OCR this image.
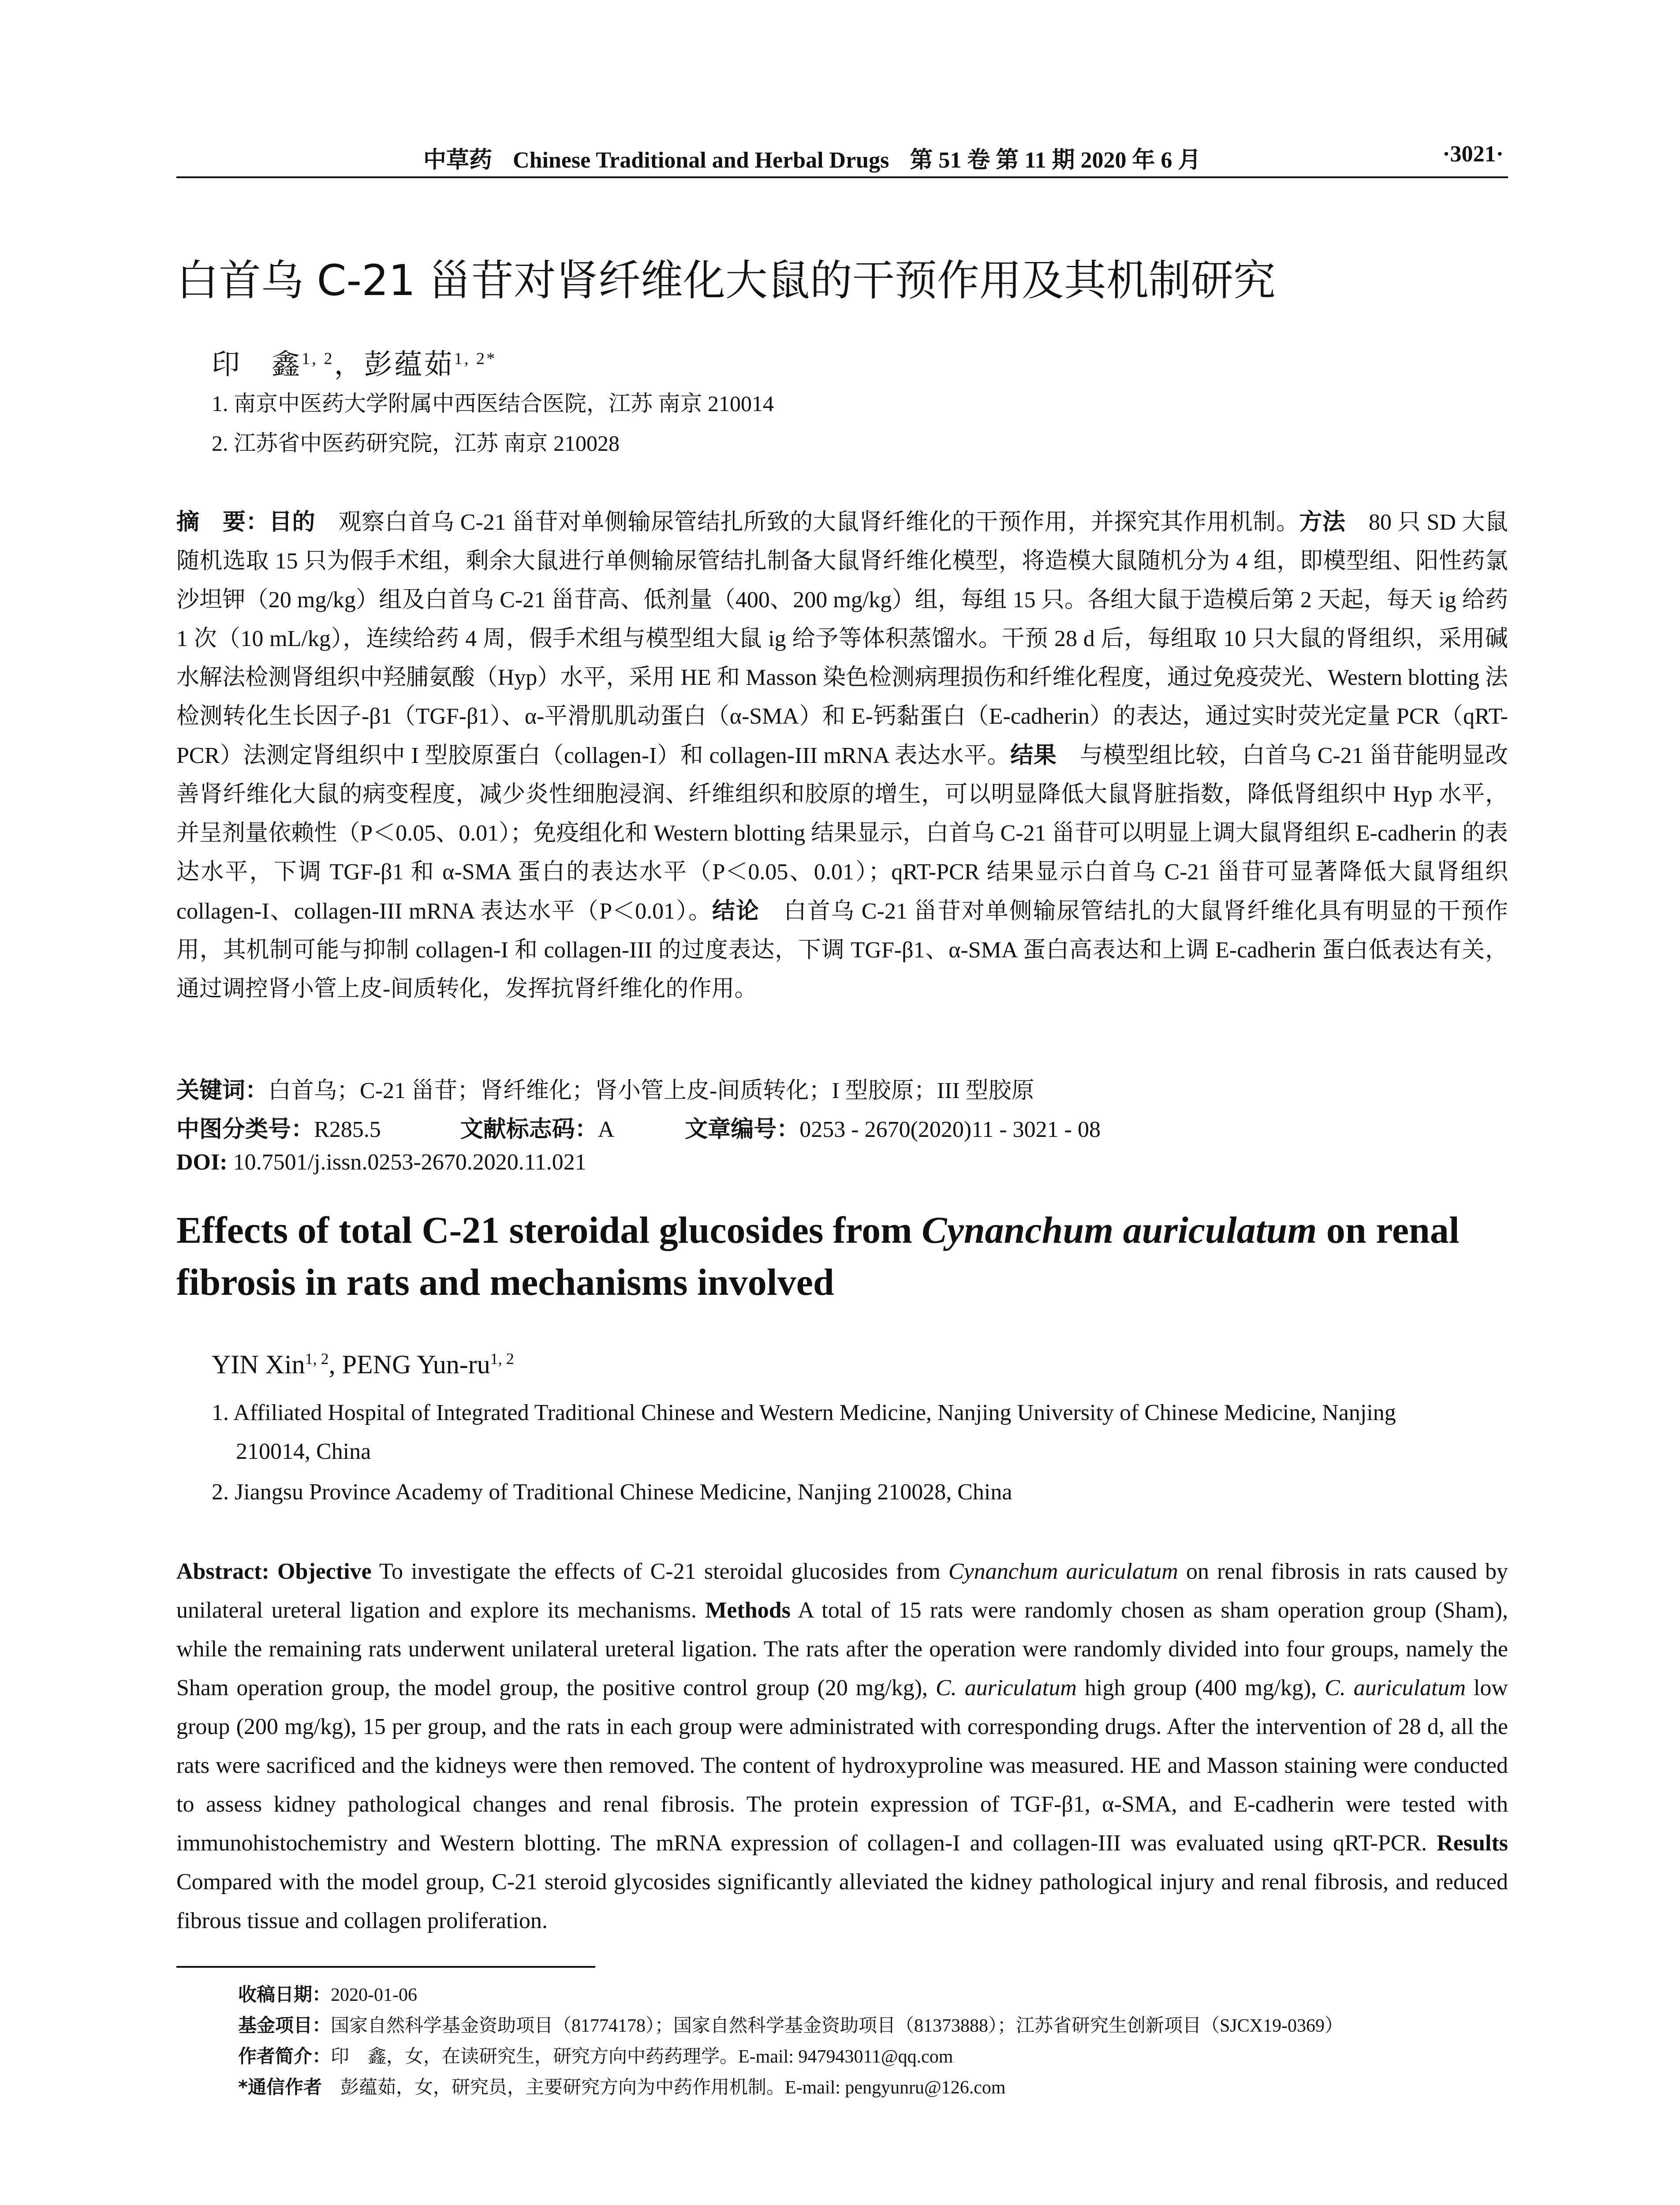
中草药 Chinese Traditional and Herbal Drugs 第 51 卷 第 11 期 2020 年 6 月	·3021·
白首乌 C-21 甾苷对肾纤维化大鼠的干预作用及其机制研究
印　鑫$^{1, 2}$，彭蕴茹$^{1, 2*}$
1. 南京中医药大学附属中西医结合医院，江苏 南京 210014
2. 江苏省中医药研究院，江苏 南京 210028

摘　要：目的　观察白首乌 C-21 甾苷对单侧输尿管结扎所致的大鼠肾纤维化的干预作用，并探究其作用机制。方法　80 只 SD 大鼠随机选取 15 只为假手术组，剩余大鼠进行单侧输尿管结扎制备大鼠肾纤维化模型，将造模大鼠随机分为 4 组，即模型组、阳性药氯沙坦钾（20 mg/kg）组及白首乌 C-21 甾苷高、低剂量（400、200 mg/kg）组，每组 15 只。各组大鼠于造模后第 2 天起，每天 ig 给药 1 次（10 mL/kg），连续给药 4 周，假手术组与模型组大鼠 ig 给予等体积蒸馏水。干预 28 d 后，每组取 10 只大鼠的肾组织，采用碱水解法检测肾组织中羟脯氨酸（Hyp）水平，采用 HE 和 Masson 染色检测病理损伤和纤维化程度，通过免疫荧光、Western blotting 法检测转化生长因子-β1（TGF-β1）、α-平滑肌肌动蛋白（α-SMA）和 E-钙黏蛋白（E-cadherin）的表达，通过实时荧光定量 PCR（qRT-PCR）法测定肾组织中 I 型胶原蛋白（collagen-I）和 collagen-III mRNA 表达水平。结果　与模型组比较，白首乌 C-21 甾苷能明显改善肾纤维化大鼠的病变程度，减少炎性细胞浸润、纤维组织和胶原的增生，可以明显降低大鼠肾脏指数，降低肾组织中 Hyp 水平，并呈剂量依赖性（P＜0.05、0.01）；免疫组化和 Western blotting 结果显示，白首乌 C-21 甾苷可以明显上调大鼠肾组织 E-cadherin 的表达水平，下调 TGF-β1 和 α-SMA 蛋白的表达水平（P＜0.05、0.01）；qRT-PCR 结果显示白首乌 C-21 甾苷可显著降低大鼠肾组织 collagen-I、collagen-III mRNA 表达水平（P＜0.01）。结论　白首乌 C-21 甾苷对单侧输尿管结扎的大鼠肾纤维化具有明显的干预作用，其机制可能与抑制 collagen-I 和 collagen-III 的过度表达，下调 TGF-β1、α-SMA 蛋白高表达和上调 E-cadherin 蛋白低表达有关，通过调控肾小管上皮-间质转化，发挥抗肾纤维化的作用。

关键词：白首乌；C-21 甾苷；肾纤维化；肾小管上皮-间质转化；I 型胶原；III 型胶原
中图分类号：R285.5	文献标志码：A	文章编号：0253 - 2670(2020)11 - 3021 - 08
DOI: 10.7501/j.issn.0253-2670.2020.11.021

Effects of total C-21 steroidal glucosides from Cynanchum auriculatum on renal fibrosis in rats and mechanisms involved

YIN Xin$^{1, 2}$, PENG Yun-ru$^{1, 2}$

1. Affiliated Hospital of Integrated Traditional Chinese and Western Medicine, Nanjing University of Chinese Medicine, Nanjing
210014, China

2. Jiangsu Province Academy of Traditional Chinese Medicine, Nanjing 210028, China

Abstract: Objective To investigate the effects of C-21 steroidal glucosides from Cynanchum auriculatum on renal fibrosis in rats caused by unilateral ureteral ligation and explore its mechanisms. Methods A total of 15 rats were randomly chosen as sham operation group (Sham), while the remaining rats underwent unilateral ureteral ligation. The rats after the operation were randomly divided into four groups, namely the Sham operation group, the model group, the positive control group (20 mg/kg), C. auriculatum high group (400 mg/kg), C. auriculatum low group (200 mg/kg), 15 per group, and the rats in each group were administrated with corresponding drugs. After the intervention of 28 d, all the rats were sacrificed and the kidneys were then removed. The content of hydroxyproline was measured. HE and Masson staining were conducted to assess kidney pathological changes and renal fibrosis. The protein expression of TGF-β1, α-SMA, and E-cadherin were tested with immunohistochemistry and Western blotting. The mRNA expression of collagen-I and collagen-III was evaluated using qRT-PCR. Results Compared with the model group, C-21 steroid glycosides significantly alleviated the kidney pathological injury and renal fibrosis, and reduced fibrous tissue and collagen proliferation.

收稿日期：2020-01-06
基金项目：国家自然科学基金资助项目（81774178）；国家自然科学基金资助项目（81373888）；江苏省研究生创新项目（SJCX19-0369）
作者简介：印　鑫，女，在读研究生，研究方向中药药理学。E-mail: 947943011@qq.com
*通信作者　彭蕴茹，女，研究员，主要研究方向为中药作用机制。E-mail: pengyunru@126.com
